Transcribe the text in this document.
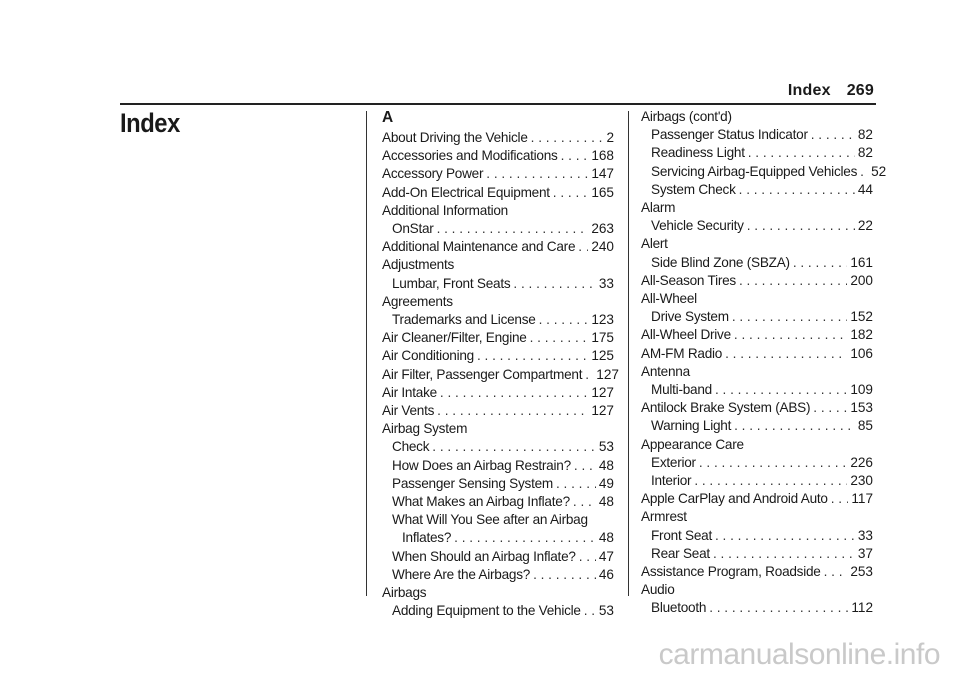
Index 269
Index	A
About Driving the Vehicle . . .	2
Accessories and Modifications . . . 168
Accessory Power . . .	147
Add-On Electrical Equipment . . .	165
Additional Information
OnStar . . .	263
Additional Maintenance and Care . . . 240
Adjustments
Lumbar, Front Seats . . .	33
Agreements
Trademarks and License . . .	123
Air Cleaner/Filter, Engine . . .	175
Air Conditioning . . .	125
Air Filter, Passenger Compartment . . . 127
Air Intake . . .	127
Air Vents . . .	127
Airbag System
Check . . .	53
How Does an Airbag Restrain? . . . 48
Passenger Sensing System . . .	49
What Makes an Airbag Inflate? . . . 48
What Will You See after an Airbag
Inflates? . . .	48
When Should an Airbag Inflate? . . . 47
Where Are the Airbags? . . .	46
Airbags
Adding Equipment to the Vehicle . . . 53
Airbags (cont'd)
Passenger Status Indicator . . .	82
Readiness Light . . .	82
Servicing Airbag-Equipped Vehicles . . . 52
System Check . . .	44
Alarm
Vehicle Security . . .	22
Alert
Side Blind Zone (SBZA) . . .	161
All-Season Tires . . .	200
All-Wheel
Drive System . . .	152
All-Wheel Drive . . .	182
AM-FM Radio . . .	106
Antenna
Multi-band . . .	109
Antilock Brake System (ABS) . . .	153
Warning Light . . .	85
Appearance Care
Exterior . . .	226
Interior . . .	230
Apple CarPlay and Android Auto . . . 117
Armrest
Front Seat . . .	33
Rear Seat . . .	37
Assistance Program, Roadside . . . 253
Audio
Bluetooth . . .	112
carmanualsonline.info
